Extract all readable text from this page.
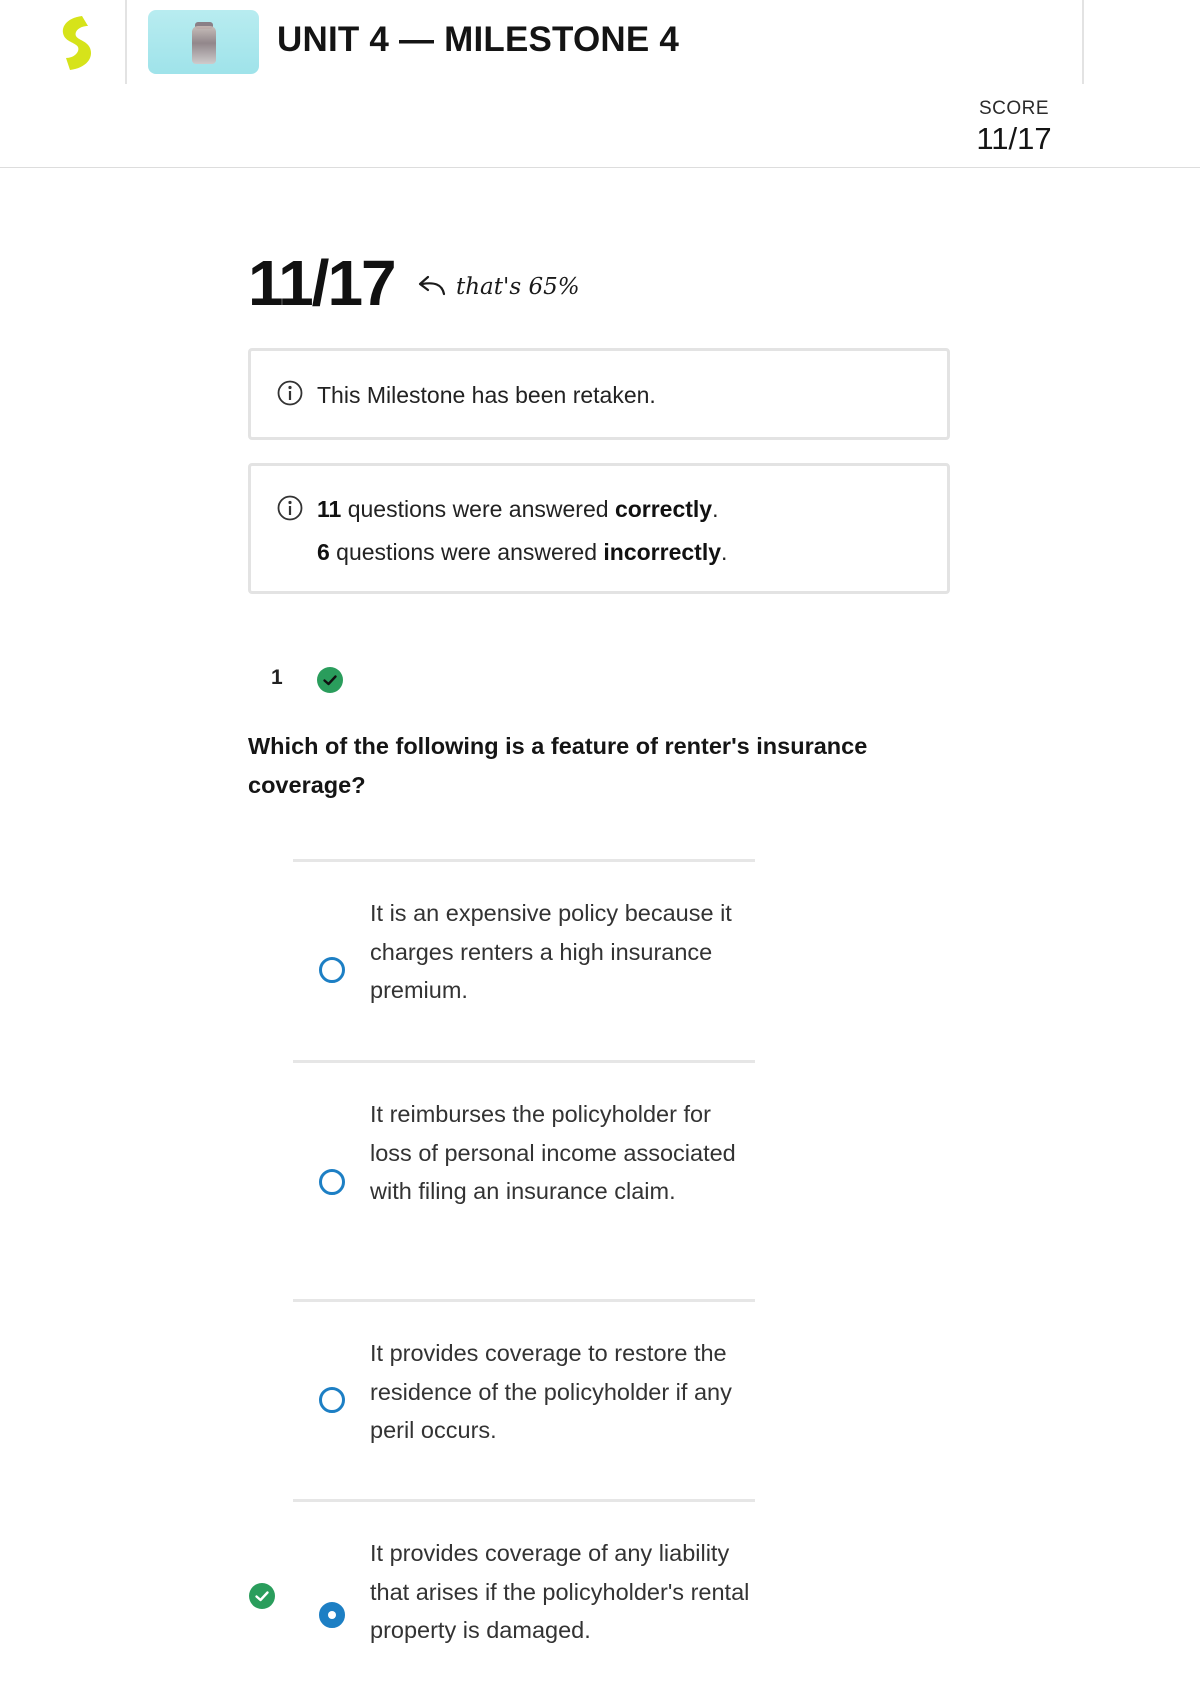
UNIT 4 — MILESTONE 4
SCORE
11/17
11/17	that's 65%
This Milestone has been retaken.
11 questions were answered correctly.
6 questions were answered incorrectly.
1
Which of the following is a feature of renter's insurance coverage?
It is an expensive policy because it charges renters a high insurance premium.
It reimburses the policyholder for loss of personal income associated with filing an insurance claim.
It provides coverage to restore the residence of the policyholder if any peril occurs.
It provides coverage of any liability that arises if the policyholder's rental property is damaged.
